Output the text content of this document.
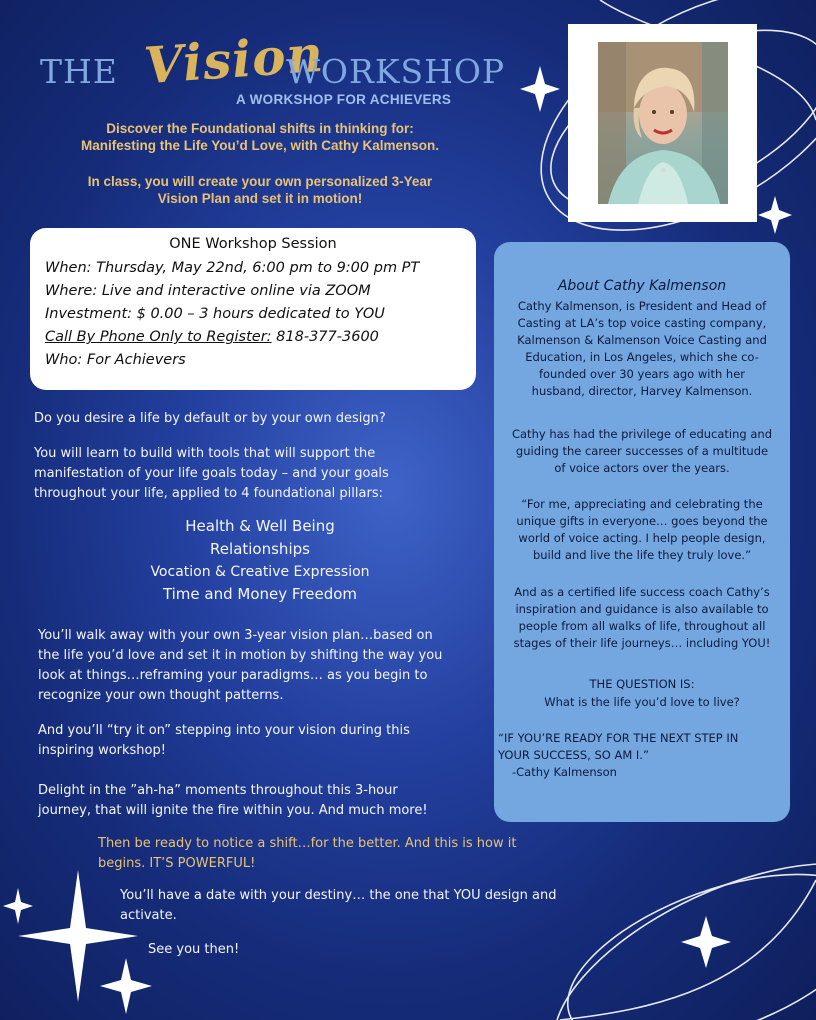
THE Vision
WORKSHOP
A WORKSHOP FOR ACHIEVERS
Discover the Foundational shifts in thinking for:
Manifesting the Life You’d Love, with Cathy Kalmenson.
In class, you will create your own personalized 3-Year
Vision Plan and set it in motion!
ONE Workshop Session
When: Thursday, May 22nd, 6:00 pm to 9:00 pm PT
Where: Live and interactive online via ZOOM
Investment: $ 0.00 – 3 hours dedicated to YOU
Call By Phone Only to Register: 818-377-3600
Who: For Achievers
About Cathy Kalmenson
Cathy Kalmenson, is President and Head of
Casting at LA’s top voice casting company,
Kalmenson & Kalmenson Voice Casting and
Education, in Los Angeles, which she co-
founded over 30 years ago with her
husband, director, Harvey Kalmenson.
Cathy has had the privilege of educating and
guiding the career successes of a multitude
of voice actors over the years.
“For me, appreciating and celebrating the
unique gifts in everyone… goes beyond the
world of voice acting. I help people design,
build and live the life they truly love.”
And as a certified life success coach Cathy’s
inspiration and guidance is also available to
people from all walks of life, throughout all
stages of their life journeys… including YOU!
THE QUESTION IS:
What is the life you’d love to live?
“IF YOU’RE READY FOR THE NEXT STEP IN
YOUR SUCCESS, SO AM I.”
-Cathy Kalmenson
Do you desire a life by default or by your own design?
You will learn to build with tools that will support the
manifestation of your life goals today – and your goals
throughout your life, applied to 4 foundational pillars:
Health & Well Being
Relationships
Vocation & Creative Expression
Time and Money Freedom
You’ll walk away with your own 3-year vision plan…based on
the life you’d love and set it in motion by shifting the way you
look at things…reframing your paradigms… as you begin to
recognize your own thought patterns.
And you’ll “try it on” stepping into your vision during this
inspiring workshop!
Delight in the ”ah-ha” moments throughout this 3-hour
journey, that will ignite the fire within you. And much more!
Then be ready to notice a shift…for the better. And this is how it
begins. IT’S POWERFUL!
You’ll have a date with your destiny… the one that YOU design and
activate.
See you then!
